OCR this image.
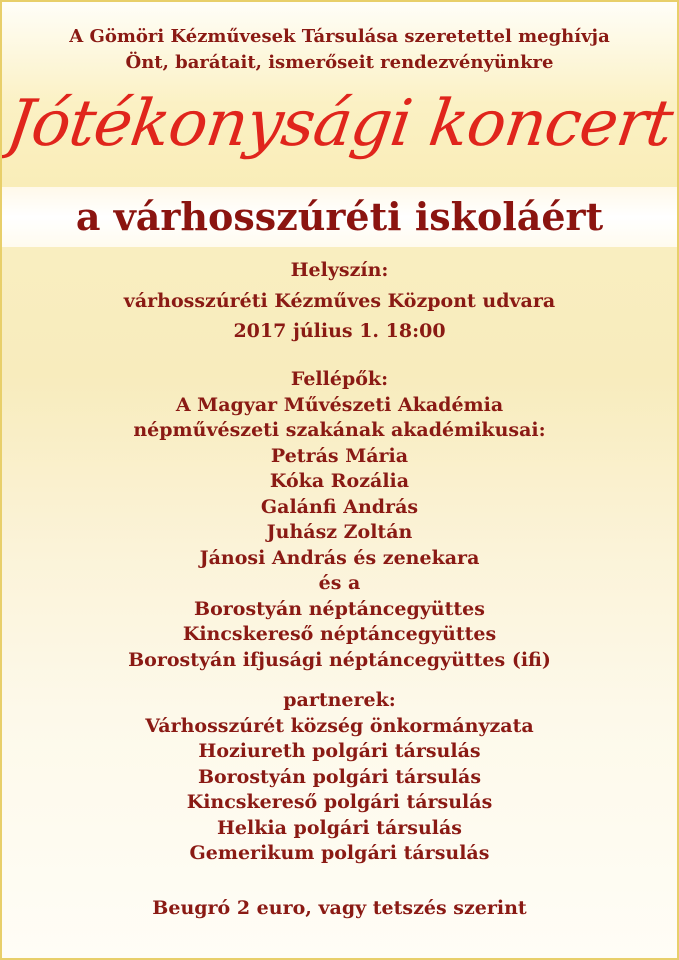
A Gömöri Kézművesek Társulása szeretettel meghívja
Önt, barátait, ismerőseit rendezvényünkre
Jótékonysági koncert
a várhosszúréti iskoláért
Helyszín:
várhosszúréti Kézműves Központ udvara
2017 július 1. 18:00
Fellépők:
A Magyar Művészeti Akadémia
népművészeti szakának akadémikusai:
Petrás Mária
Kóka Rozália
Galánfi András
Juhász Zoltán
Jánosi András és zenekara
és a
Borostyán néptáncegyüttes
Kincskereső néptáncegyüttes
Borostyán ifjusági néptáncegyüttes (ifi)
partnerek:
Várhosszúrét község önkormányzata
Hoziureth polgári társulás
Borostyán polgári társulás
Kincskereső polgári társulás
Helkia polgári társulás
Gemerikum polgári társulás
Beugró 2 euro, vagy tetszés szerint
